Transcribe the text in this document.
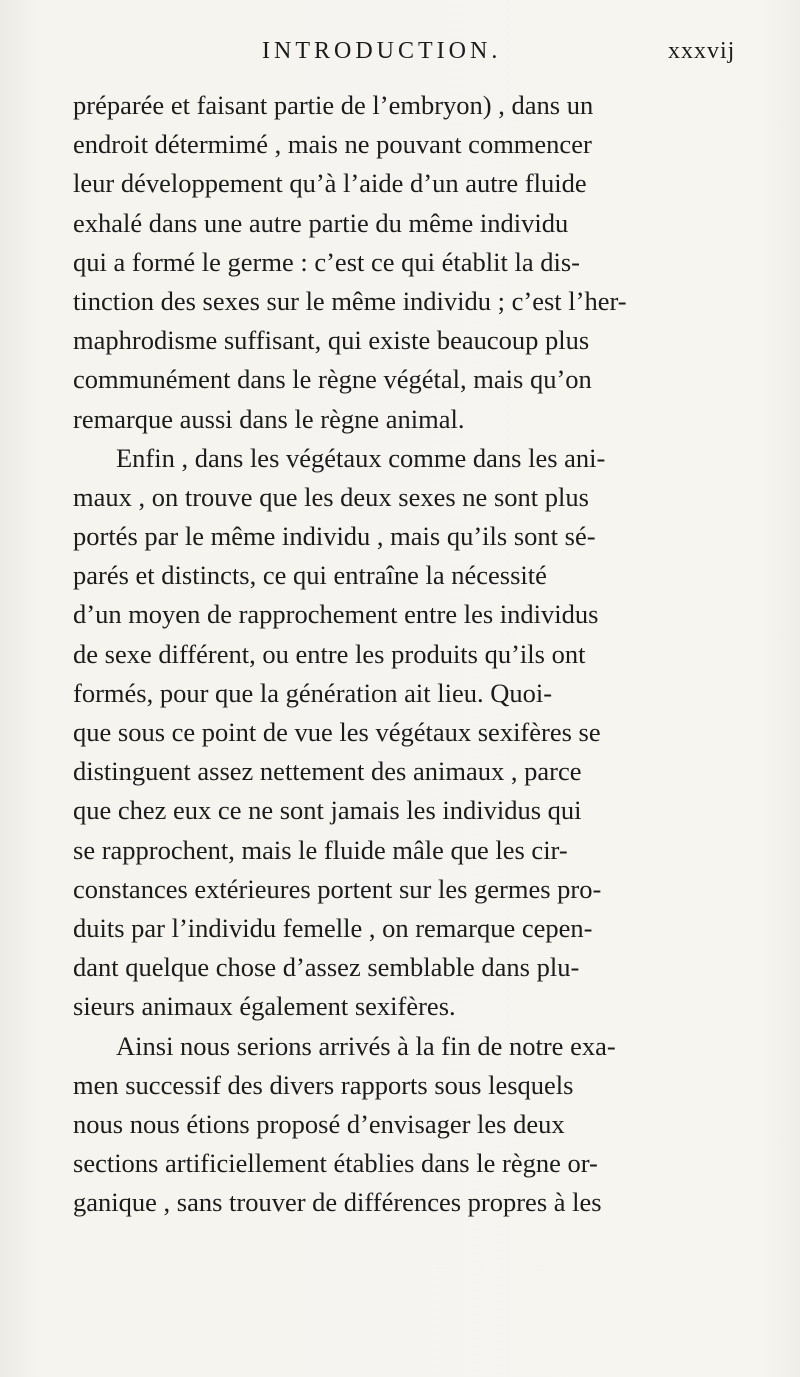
INTRODUCTION.	xxxvij
préparée et faisant partie de l’embryon) , dans un
endroit détermimé , mais ne pouvant commencer
leur développement qu’à l’aide d’un autre fluide
exhalé dans une autre partie du même individu
qui a formé le germe : c’est ce qui établit la dis-
tinction des sexes sur le même individu ; c’est l’her-
maphrodisme suffisant, qui existe beaucoup plus
communément dans le règne végétal, mais qu’on
remarque aussi dans le règne animal.
Enfin , dans les végétaux comme dans les ani-
maux , on trouve que les deux sexes ne sont plus
portés par le même individu , mais qu’ils sont sé-
parés et distincts, ce qui entraîne la nécessité
d’un moyen de rapprochement entre les individus
de sexe différent, ou entre les produits qu’ils ont
formés, pour que la génération ait lieu. Quoi-
que sous ce point de vue les végétaux sexifères se
distinguent assez nettement des animaux , parce
que chez eux ce ne sont jamais les individus qui
se rapprochent, mais le fluide mâle que les cir-
constances extérieures portent sur les germes pro-
duits par l’individu femelle , on remarque cepen-
dant quelque chose d’assez semblable dans plu-
sieurs animaux également sexifères.
Ainsi nous serions arrivés à la fin de notre exa-
men successif des divers rapports sous lesquels
nous nous étions proposé d’envisager les deux
sections artificiellement établies dans le règne or-
ganique , sans trouver de différences propres à les
